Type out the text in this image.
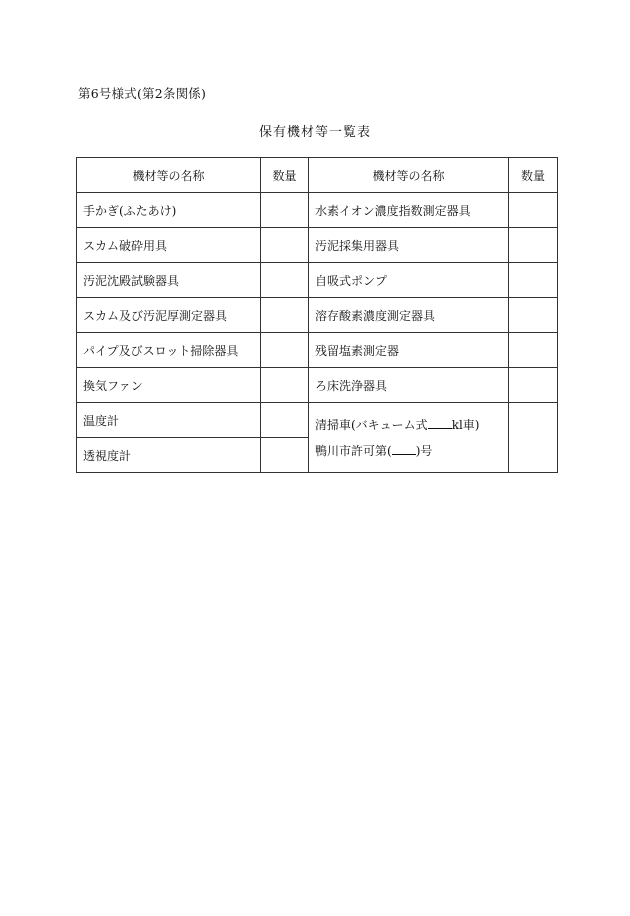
第6号様式(第2条関係)
保有機材等一覧表
機材等の名称	数量	機材等の名称	数量
手かぎ(ふたあけ)		水素イオン濃度指数測定器具	
スカム破砕用具		汚泥採集用器具	
汚泥沈殿試験器具		自吸式ポンプ	
スカム及び汚泥厚測定器具		溶存酸素濃度測定器具	
パイプ及びスロット掃除器具		残留塩素測定器	
換気ファン		ろ床洗浄器具	
温度計		清掃車(バキューム式 kl車)
鴨川市許可第( )号	

透視度計			
